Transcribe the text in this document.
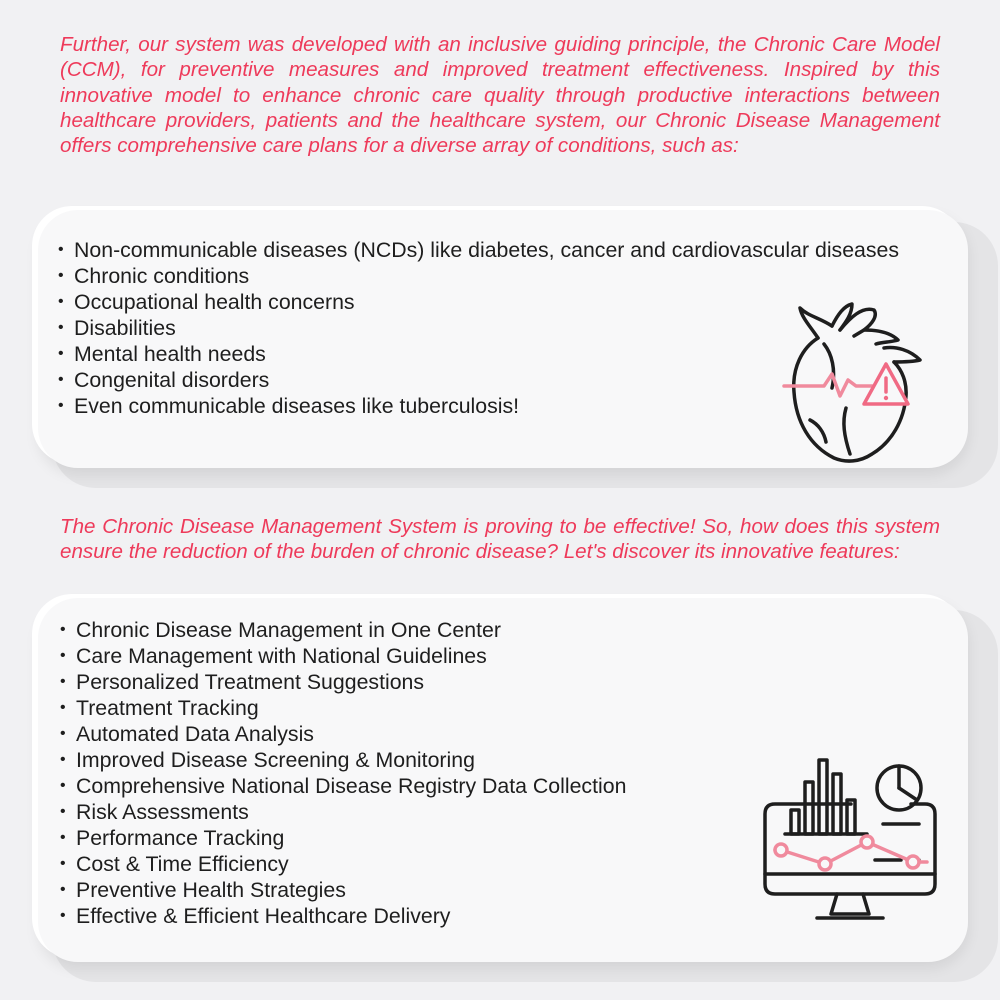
Further, our system was developed with an inclusive guiding principle, the Chronic Care Model (CCM), for preventive measures and improved treatment effectiveness. Inspired by this innovative model to enhance chronic care quality through productive interactions between healthcare providers, patients and the healthcare system, our Chronic Disease Management offers comprehensive care plans for a diverse array of conditions, such as:

• Non-communicable diseases (NCDs) like diabetes, cancer and cardiovascular diseases
• Chronic conditions
• Occupational health concerns
• Disabilities
• Mental health needs
• Congenital disorders
• Even communicable diseases like tuberculosis!

The Chronic Disease Management System is proving to be effective! So, how does this system ensure the reduction of the burden of chronic disease? Let's discover its innovative features:

• Chronic Disease Management in One Center
• Care Management with National Guidelines
• Personalized Treatment Suggestions
• Treatment Tracking
• Automated Data Analysis
• Improved Disease Screening & Monitoring
• Comprehensive National Disease Registry Data Collection
• Risk Assessments
• Performance Tracking
• Cost & Time Efficiency
• Preventive Health Strategies
• Effective & Efficient Healthcare Delivery
